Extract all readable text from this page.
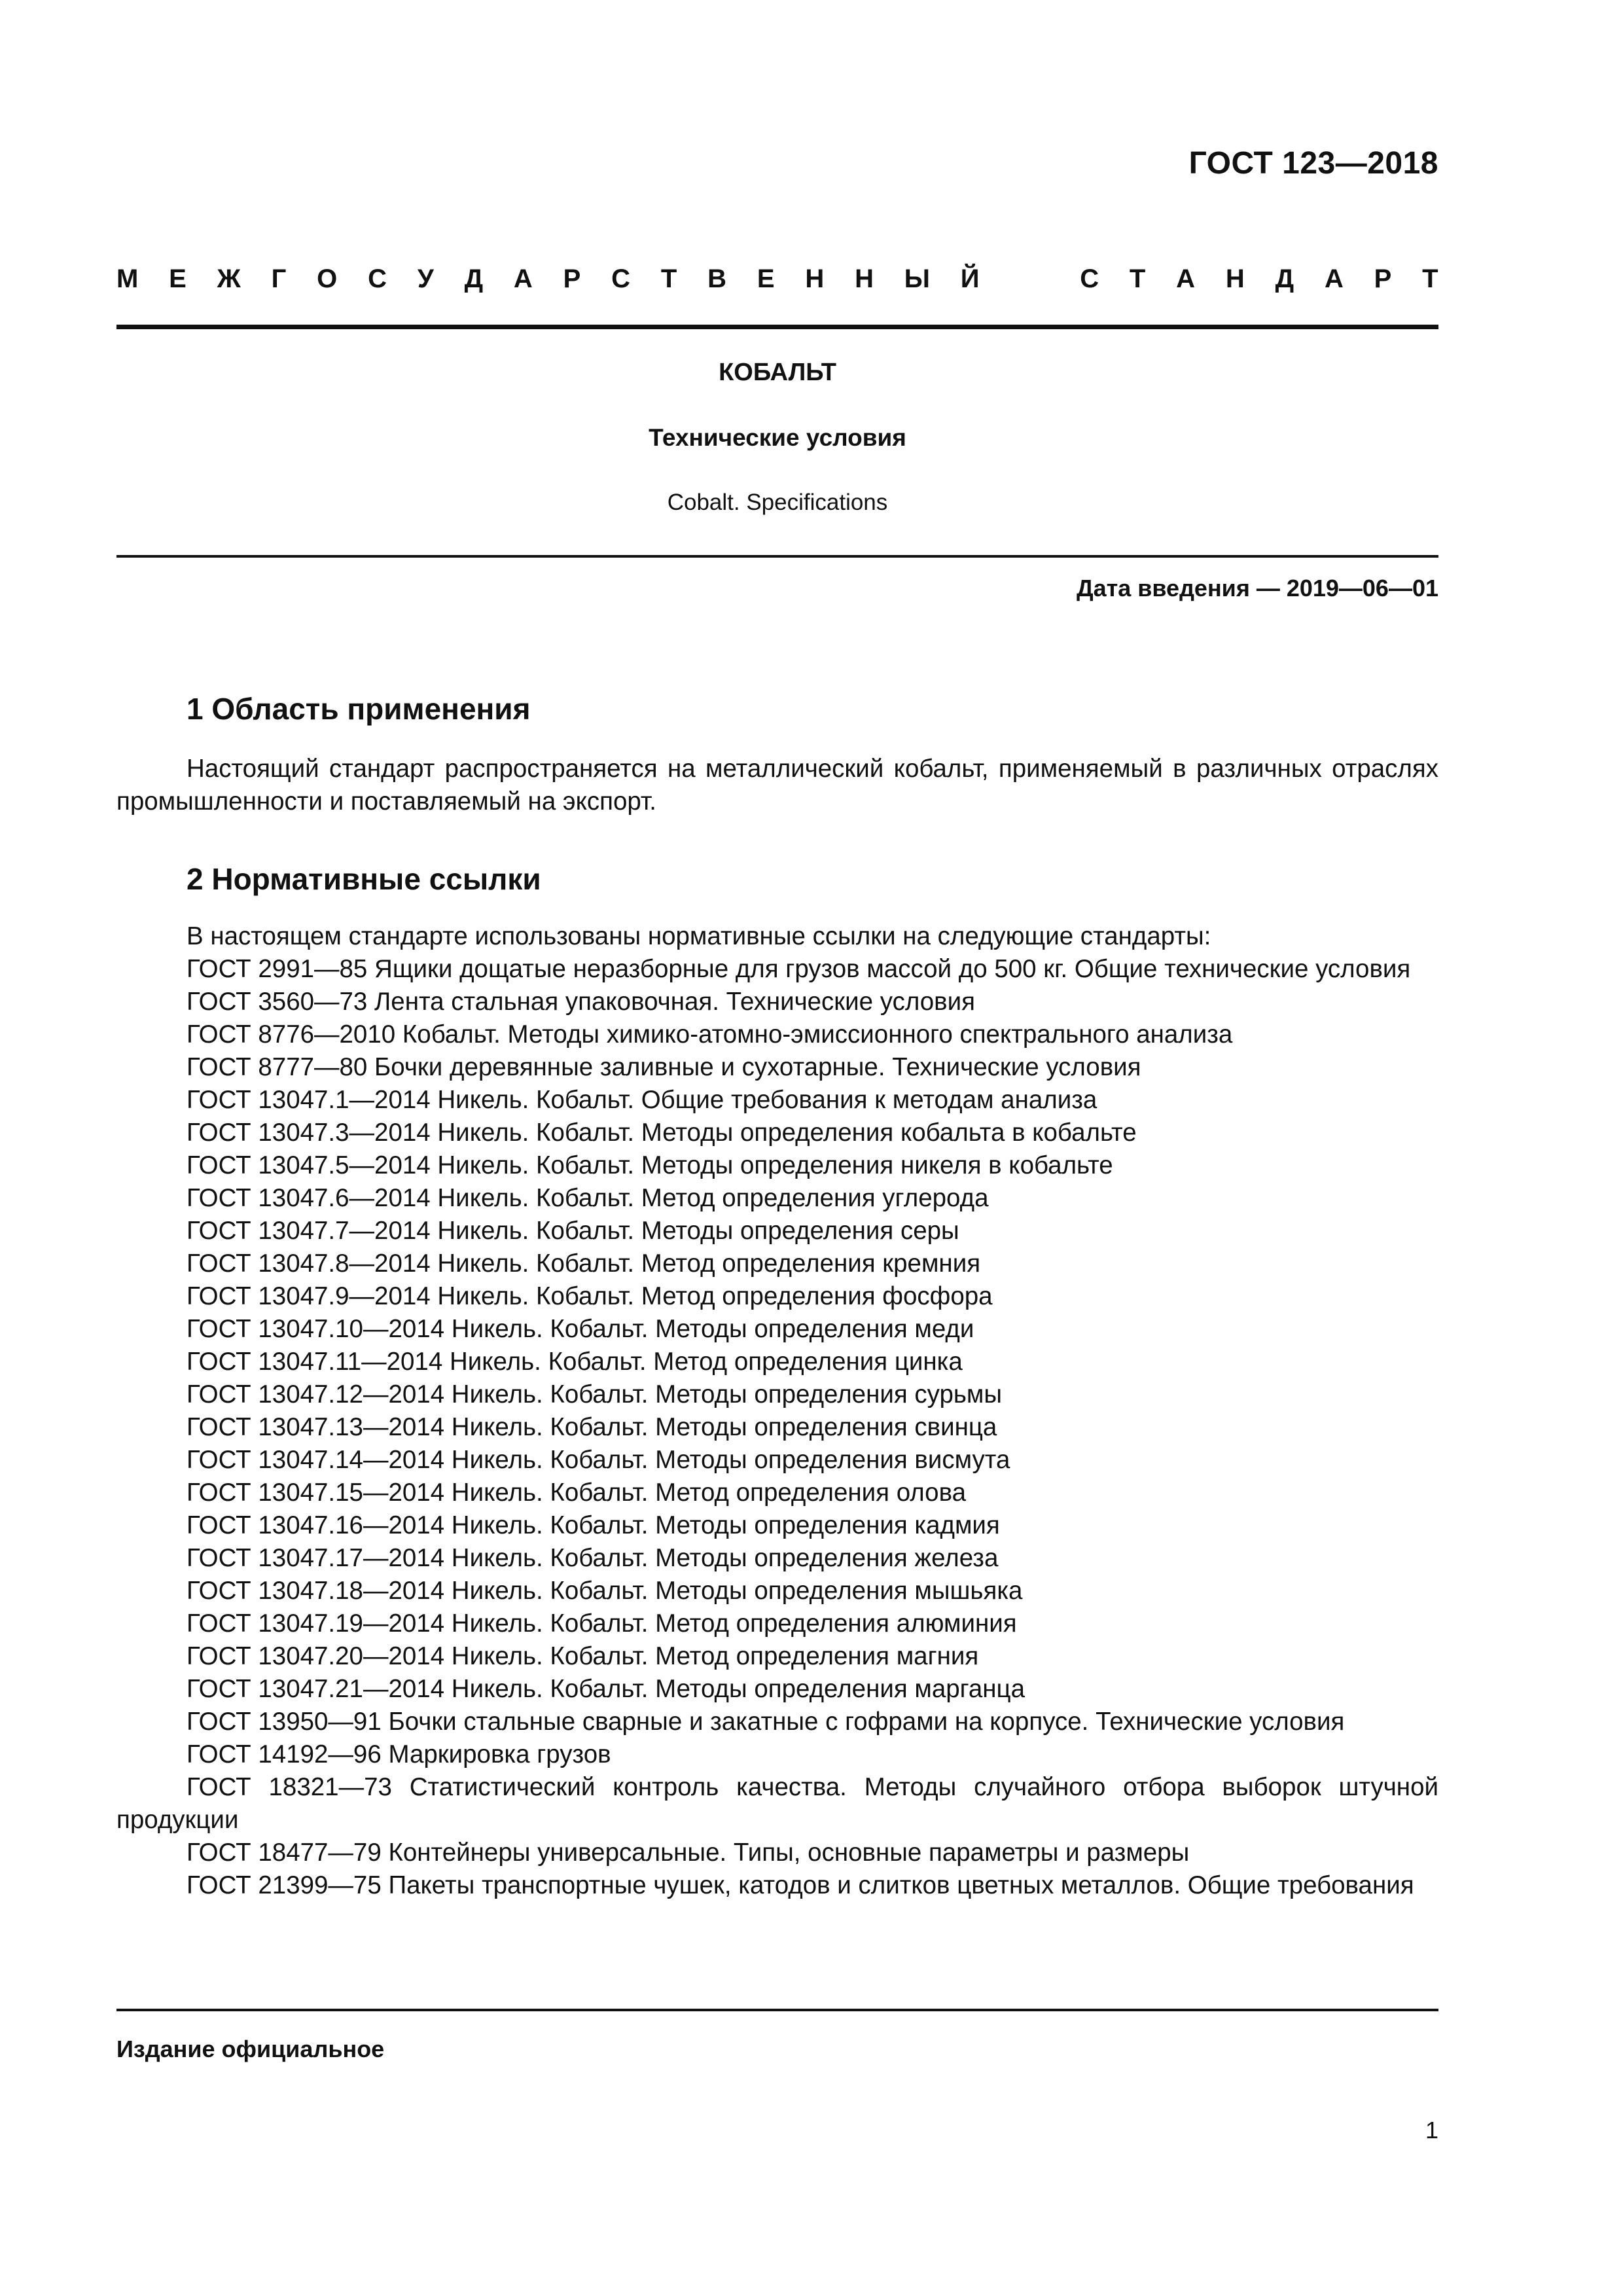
ГОСТ 123—2018
М Е Ж Г О С У Д А Р С Т В Е Н Н Ы Й	С Т А Н Д А Р Т
КОБАЛЬТ
Технические условия
Cobalt. Specifications
Дата введения — 2019—06—01
1 Область применения

Настоящий стандарт распространяется на металлический кобальт, применяемый в различных отраслях промышленности и поставляемый на экспорт.

2 Нормативные ссылки

В настоящем стандарте использованы нормативные ссылки на следующие стандарты:

ГОСТ 2991—85 Ящики дощатые неразборные для грузов массой до 500 кг. Общие технические условия

ГОСТ 3560—73 Лента стальная упаковочная. Технические условия

ГОСТ 8776—2010 Кобальт. Методы химико-атомно-эмиссионного спектрального анализа

ГОСТ 8777—80 Бочки деревянные заливные и сухотарные. Технические условия

ГОСТ 13047.1—2014 Никель. Кобальт. Общие требования к методам анализа

ГОСТ 13047.3—2014 Никель. Кобальт. Методы определения кобальта в кобальте

ГОСТ 13047.5—2014 Никель. Кобальт. Методы определения никеля в кобальте

ГОСТ 13047.6—2014 Никель. Кобальт. Метод определения углерода

ГОСТ 13047.7—2014 Никель. Кобальт. Методы определения серы

ГОСТ 13047.8—2014 Никель. Кобальт. Метод определения кремния

ГОСТ 13047.9—2014 Никель. Кобальт. Метод определения фосфора

ГОСТ 13047.10—2014 Никель. Кобальт. Методы определения меди

ГОСТ 13047.11—2014 Никель. Кобальт. Метод определения цинка

ГОСТ 13047.12—2014 Никель. Кобальт. Методы определения сурьмы

ГОСТ 13047.13—2014 Никель. Кобальт. Методы определения свинца

ГОСТ 13047.14—2014 Никель. Кобальт. Методы определения висмута

ГОСТ 13047.15—2014 Никель. Кобальт. Метод определения олова

ГОСТ 13047.16—2014 Никель. Кобальт. Методы определения кадмия

ГОСТ 13047.17—2014 Никель. Кобальт. Методы определения железа

ГОСТ 13047.18—2014 Никель. Кобальт. Методы определения мышьяка

ГОСТ 13047.19—2014 Никель. Кобальт. Метод определения алюминия

ГОСТ 13047.20—2014 Никель. Кобальт. Метод определения магния

ГОСТ 13047.21—2014 Никель. Кобальт. Методы определения марганца

ГОСТ 13950—91 Бочки стальные сварные и закатные с гофрами на корпусе. Технические условия

ГОСТ 14192—96 Маркировка грузов

ГОСТ 18321—73 Статистический контроль качества. Методы случайного отбора выборок штучной продукции

ГОСТ 18477—79 Контейнеры универсальные. Типы, основные параметры и размеры

ГОСТ 21399—75 Пакеты транспортные чушек, катодов и слитков цветных металлов. Общие требования

Издание официальное
1
